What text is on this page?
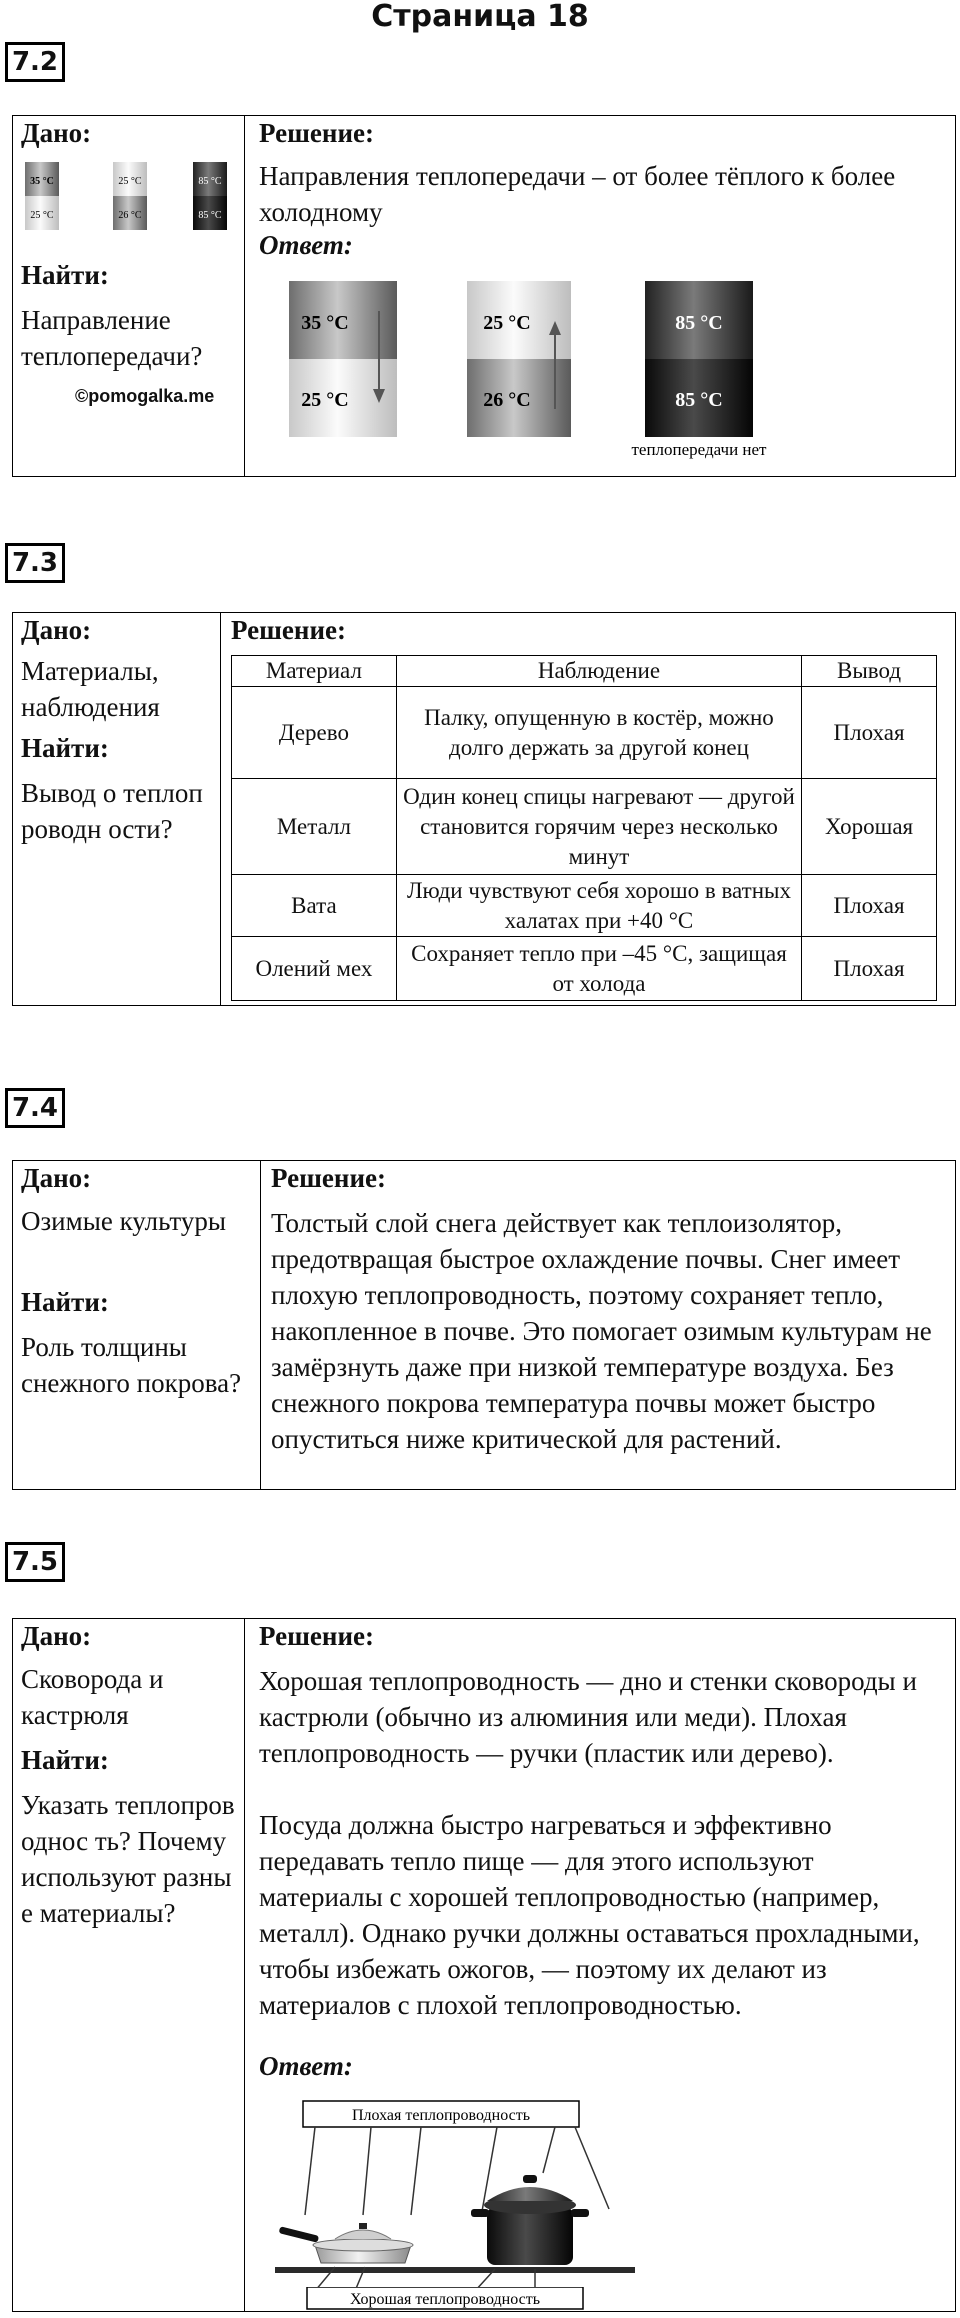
Страница 18
7.2
Дано:
35 °C
25 °C
25 °C
26 °C
85 °C
85 °C
Найти:
Направление теплопередачи?
©pomogalka.me
Решение:
Направления теплопередачи – от более тёплого к более холодному
Ответ:
35 °C
25 °C
25 °C
26 °C
85 °C
85 °C
теплопередачи нет
7.3
Дано:
Материалы, наблюдения
Найти:
Вывод о теплопроводн ости?
Решение:
Материал	Наблюдение	Вывод
Дерево	Палку, опущенную в костёр, можно долго держать за другой конец	Плохая
Металл	Один конец спицы нагревают — другой становится горячим через несколько минут	Хорошая
Вата	Люди чувствуют себя хорошо в ватных халатах при +40 °C	Плохая
Олений мех	Сохраняет тепло при –45 °C, защищая от холода	Плохая
7.4
Дано:
Озимые культуры
Найти:
Роль толщины снежного покрова?
Решение:
Толстый слой снега действует как теплоизолятор, предотвращая быстрое охлаждение почвы. Снег имеет плохую теплопроводность, поэтому сохраняет тепло, накопленное в почве. Это помогает озимым культурам не замёрзнуть даже при низкой температуре воздуха. Без снежного покрова температура почвы может быстро опуститься ниже критической для растений.
7.5
Дано:
Сковорода и кастрюля
Найти:
Указать теплопроводнос ть? Почему используют разные материалы?
Решение:
Хорошая теплопроводность — дно и стенки сковороды и кастрюли (обычно из алюминия или меди). Плохая теплопроводность — ручки (пластик или дерево).
Посуда должна быстро нагреваться и эффективно передавать тепло пище — для этого используют материалы с хорошей теплопроводностью (например, металл). Однако ручки должны оставаться прохладными, чтобы избежать ожогов, — поэтому их делают из материалов с плохой теплопроводностью.
Ответ:
Плохая теплопроводность
Хорошая теплопроводность
